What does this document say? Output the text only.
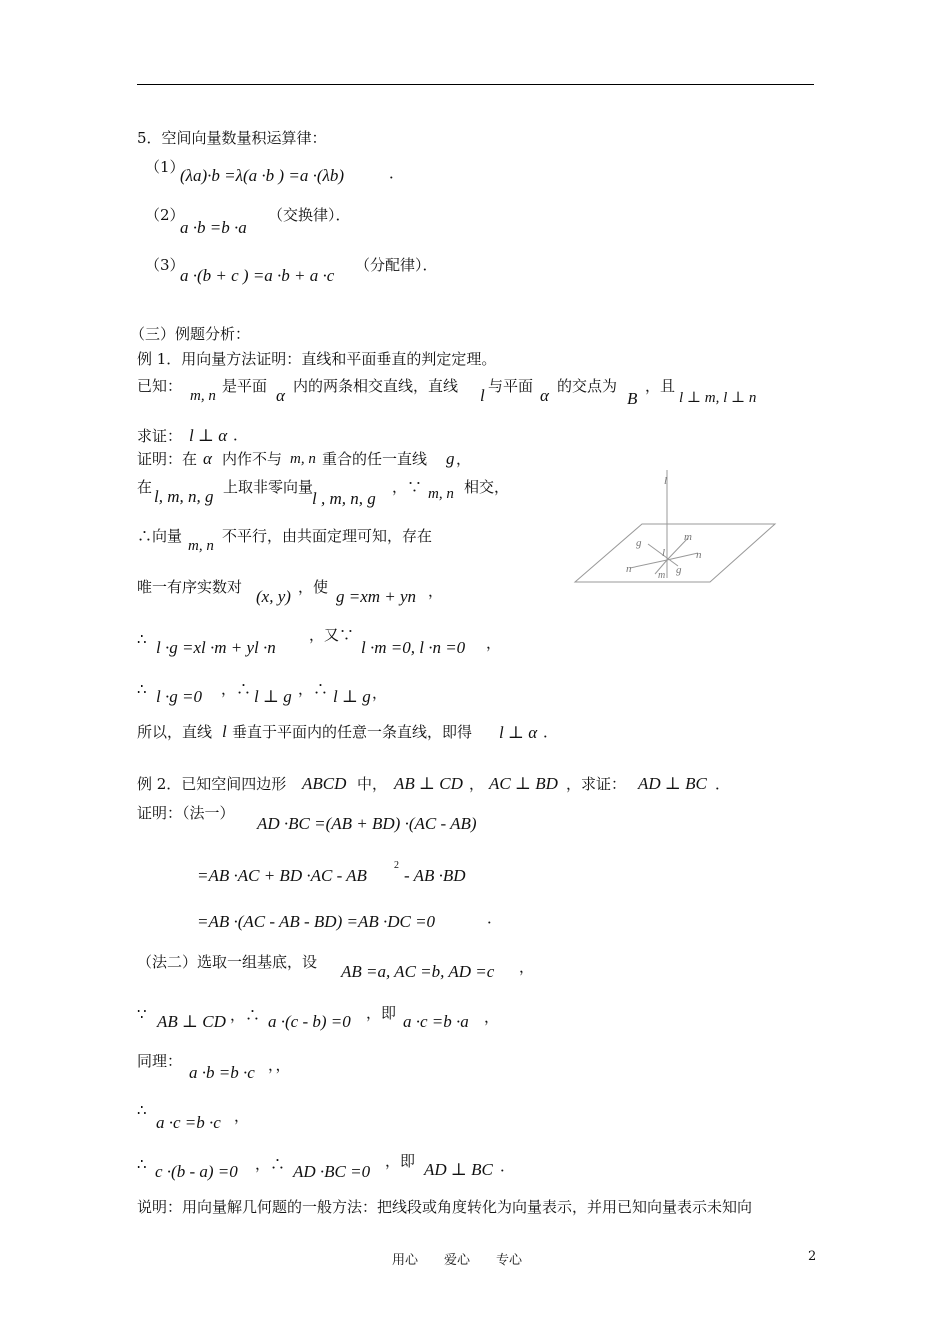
5．空间向量数量积运算律：
（1）
(λa)·b =λ(a ·b ) =a ·(λb)	．
（2）
a ·b =b ·a
（交换律）．
（3）
a ·(b + c ) =a ·b + a ·c
（分配律）．
（三）例题分析：
例 1．用向量方法证明：直线和平面垂直的判定定理。
已知：
m, n
是平面 α 内的两条相交直线，直线 l 与平面 α 的交点为
B
，且
l ⊥ m, l ⊥ n
求证： l ⊥ α ．
证明：在 α 内作不与 m, n 重合的任一直线 g ，
在 l, m, n, g 上取非零向量
l , m, n, g
，∵ m, n 相交，
∴向量
m, n
不平行，由共面定理可知，存在
唯一有序实数对 (x, y) ，使 g =xm + yn ，
∴ l ·g =xl ·m + yl ·n
，又∵
l ·m =0, l ·n =0 ，
∴ l ·g =0 ，∴ l ⊥ g ，∴ l ⊥ g ，
所以，直线 l 垂直于平面内的任意一条直线，即得 l ⊥ α ．
l
l
m
n
g
n	g
m
例 2．已知空间四边形 ABCD 中， AB ⊥ CD ， AC ⊥ BD ，求证： AD ⊥ BC ．
证明：（法一）
AD ·BC =(AB + BD) ·(AC - AB)
=AB ·AC + BD ·AC - AB
2
- AB ·BD
=AB ·(AC - AB - BD) =AB ·DC =0	．
（法二）选取一组基底，设 AB =a, AC =b, AD =c ，
∵ AB ⊥ CD ，∴ a ·(c - b) =0 ，即 a ·c =b ·a ，
同理：
a ·b =b ·c ，，
∴
a ·c =b ·c ，
∴ c ·(b - a) =0 ，∴ AD ·BC =0
，即 AD ⊥ BC ．
说明：用向量解几何题的一般方法：把线段或角度转化为向量表示，并用已知向量表示未知向
用心　　爱心　　专心	2
